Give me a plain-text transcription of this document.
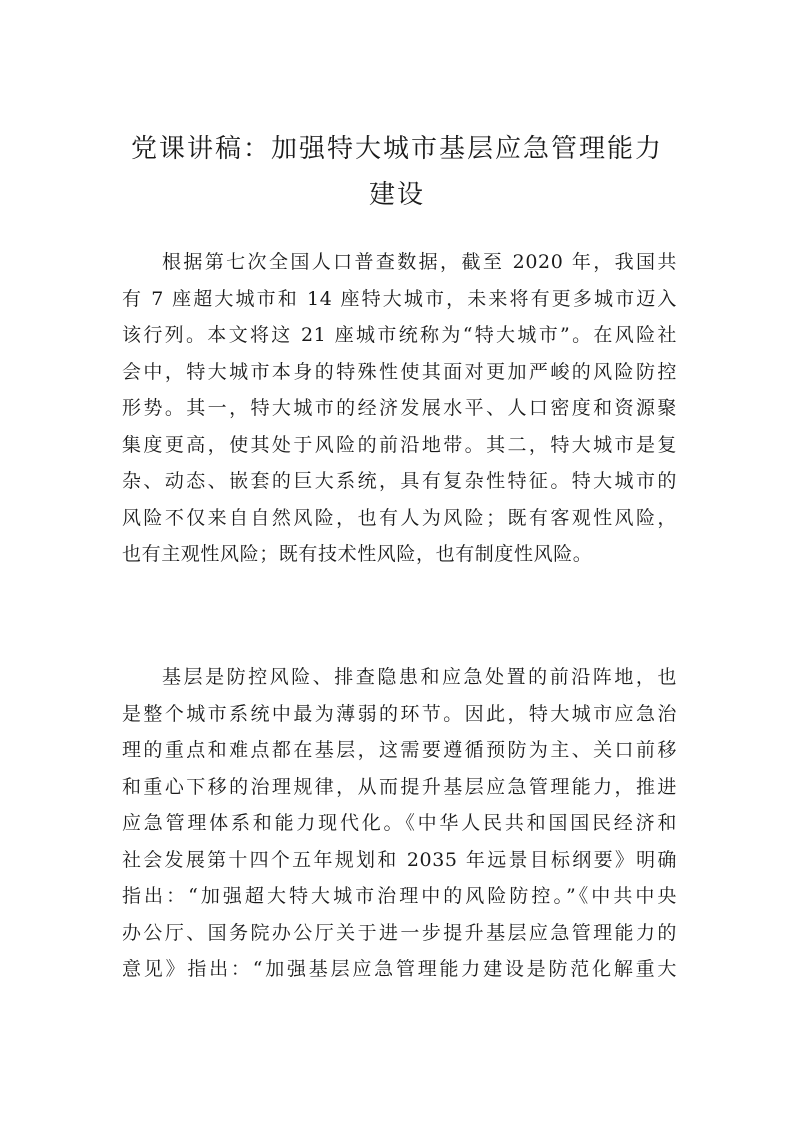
党课讲稿：加强特大城市基层应急管理能力
建设

根据第七次全国人口普查数据，截至 2020 年，我国共
有 7 座超大城市和 14 座特大城市，未来将有更多城市迈入
该行列。本文将这 21 座城市统称为“特大城市”。在风险社
会中，特大城市本身的特殊性使其面对更加严峻的风险防控
形势。其一，特大城市的经济发展水平、人口密度和资源聚
集度更高，使其处于风险的前沿地带。其二，特大城市是复
杂、动态、嵌套的巨大系统，具有复杂性特征。特大城市的
风险不仅来自自然风险，也有人为风险；既有客观性风险，
也有主观性风险；既有技术性风险，也有制度性风险。

基层是防控风险、排查隐患和应急处置的前沿阵地，也
是整个城市系统中最为薄弱的环节。因此，特大城市应急治
理的重点和难点都在基层，这需要遵循预防为主、关口前移
和重心下移的治理规律，从而提升基层应急管理能力，推进
应急管理体系和能力现代化。《中华人民共和国国民经济和
社会发展第十四个五年规划和 2035 年远景目标纲要》明确
指出：“加强超大特大城市治理中的风险防控。”《中共中央
办公厅、国务院办公厅关于进一步提升基层应急管理能力的
意见》指出：“加强基层应急管理能力建设是防范化解重大
